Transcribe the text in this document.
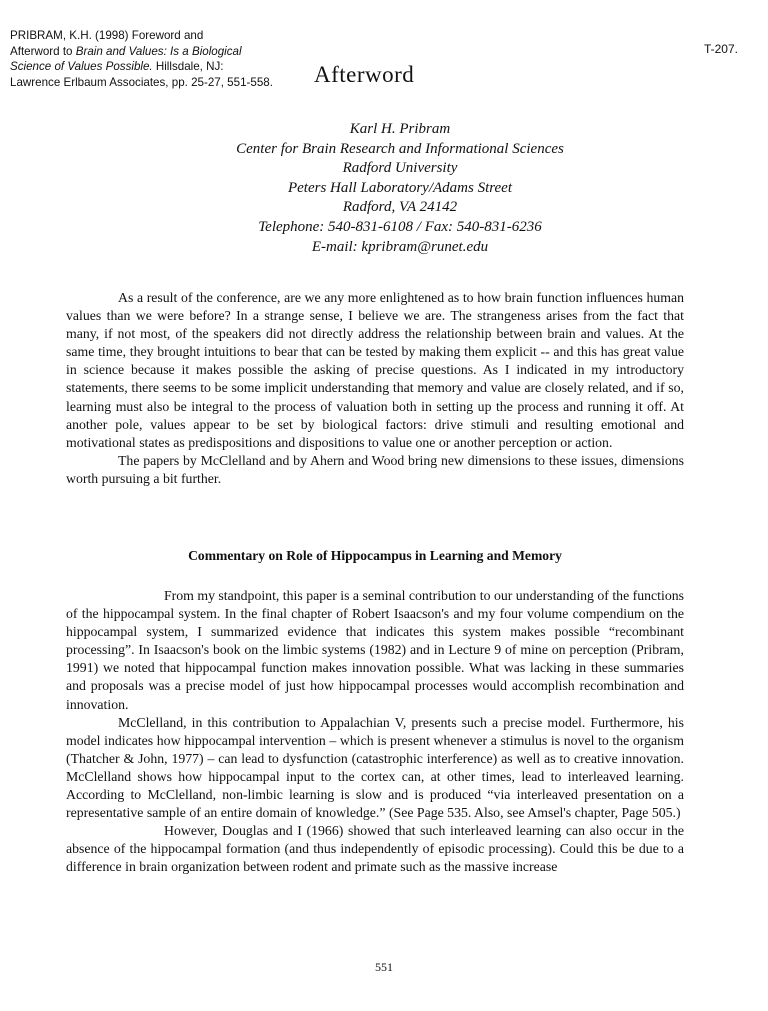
PRIBRAM, K.H. (1998) Foreword and
Afterword to Brain and Values: Is a Biological
Science of Values Possible. Hillsdale, NJ:
Lawrence Erlbaum Associates, pp. 25-27, 551-558.
T-207.
Afterword
Karl H. Pribram
Center for Brain Research and Informational Sciences
Radford University
Peters Hall Laboratory/Adams Street
Radford, VA 24142
Telephone: 540-831-6108 / Fax: 540-831-6236
E-mail: kpribram@runet.edu

As a result of the conference, are we any more enlightened as to how brain function influences human values than we were before? In a strange sense, I believe we are. The strangeness arises from the fact that many, if not most, of the speakers did not directly address the relationship between brain and values. At the same time, they brought intuitions to bear that can be tested by making them explicit -- and this has great value in science because it makes possible the asking of precise questions. As I indicated in my introductory statements, there seems to be some implicit understanding that memory and value are closely related, and if so, learning must also be integral to the process of valuation both in setting up the process and running it off. At another pole, values appear to be set by biological factors: drive stimuli and resulting emotional and motivational states as predispositions and dispositions to value one or another perception or action.

The papers by McClelland and by Ahern and Wood bring new dimensions to these issues, dimensions worth pursuing a bit further.

Commentary on Role of Hippocampus in Learning and Memory

From my standpoint, this paper is a seminal contribution to our understanding of the functions of the hippocampal system. In the final chapter of Robert Isaacson's and my four volume compendium on the hippocampal system, I summarized evidence that indicates this system makes possible “recombinant processing”. In Isaacson's book on the limbic systems (1982) and in Lecture 9 of mine on perception (Pribram, 1991) we noted that hippocampal function makes innovation possible. What was lacking in these summaries and proposals was a precise model of just how hippocampal processes would accomplish recombination and innovation.

McClelland, in this contribution to Appalachian V, presents such a precise model. Furthermore, his model indicates how hippocampal intervention – which is present whenever a stimulus is novel to the organism (Thatcher & John, 1977) – can lead to dysfunction (catastrophic interference) as well as to creative innovation. McClelland shows how hippocampal input to the cortex can, at other times, lead to interleaved learning. According to McClelland, non-limbic learning is slow and is produced “via interleaved presentation on a representative sample of an entire domain of knowledge.” (See Page 535. Also, see Amsel's chapter, Page 505.)

However, Douglas and I (1966) showed that such interleaved learning can also occur in the absence of the hippocampal formation (and thus independently of episodic processing). Could this be due to a difference in brain organization between rodent and primate such as the massive increase

551
